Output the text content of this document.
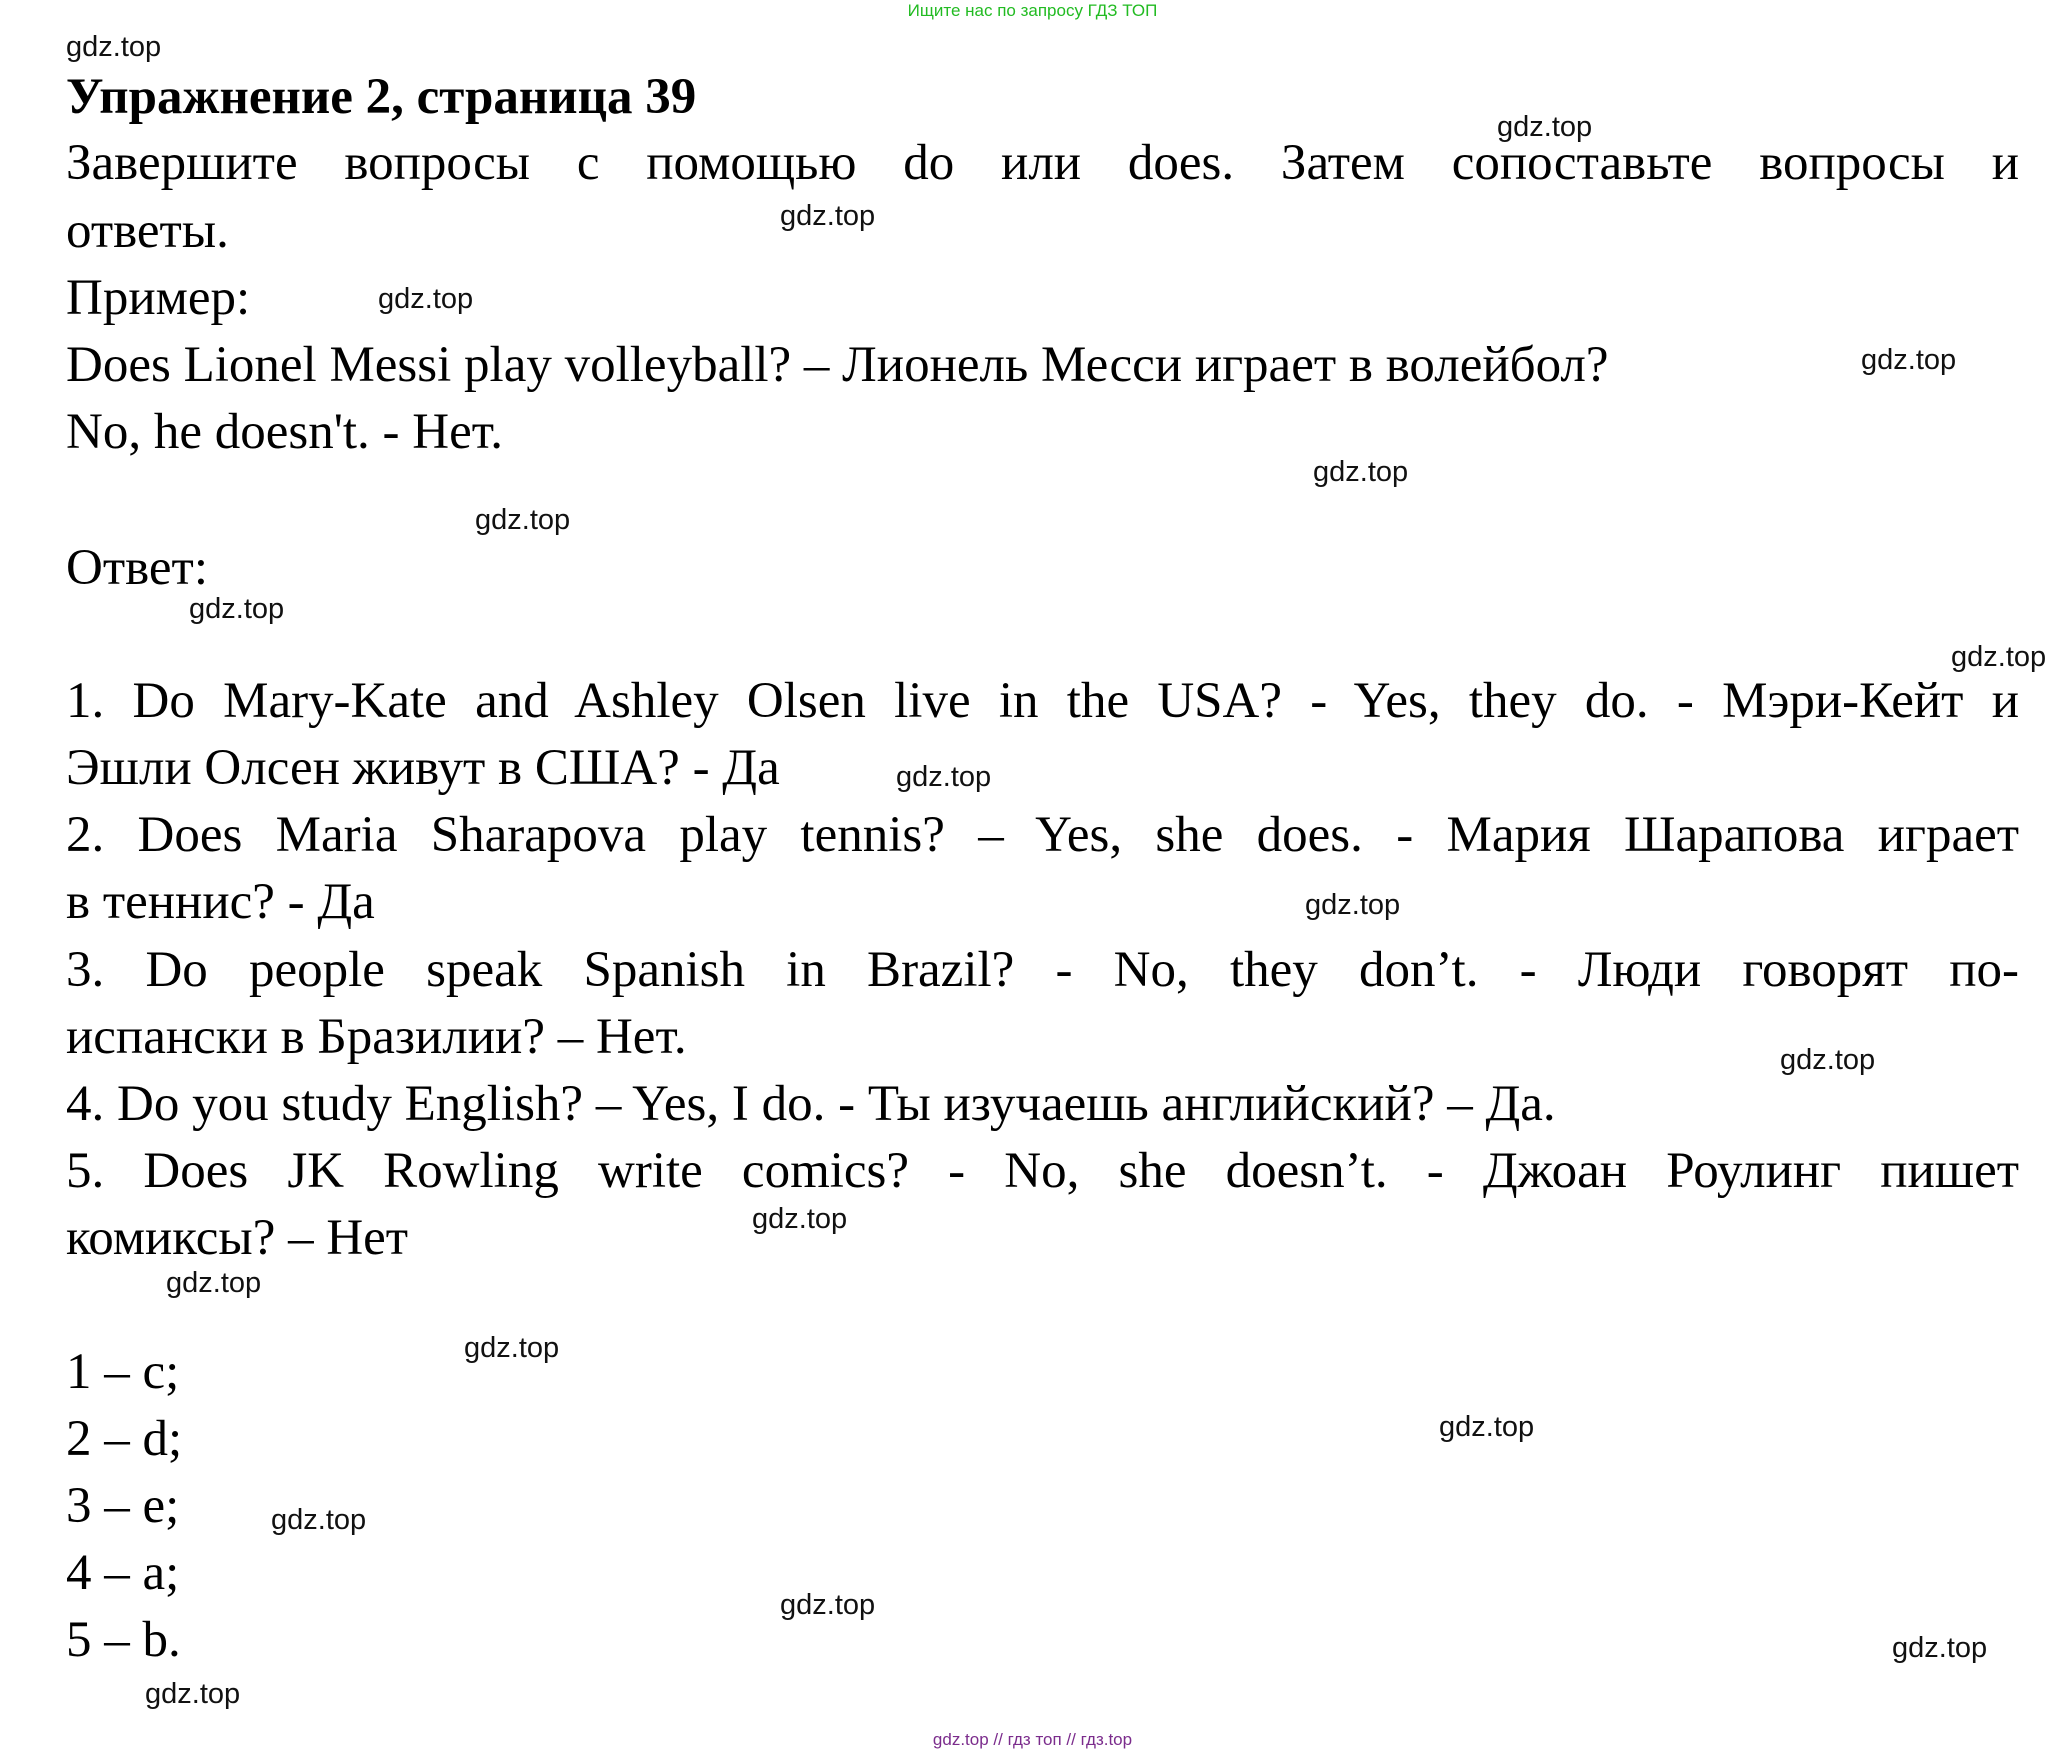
Ищите нас по запросу ГДЗ ТОП
Упражнение 2, страница 39
Завершите вопросы с помощью do или does. Затем сопоставьте вопросы и
ответы.
Пример:
Does Lionel Messi play volleyball? – Лионель Месси играет в волейбол?
No, he doesn't. - Нет.
Ответ:
1. Do Mary-Kate and Ashley Olsen live in the USA? - Yes, they do. - Мэри-Кейт и
Эшли Олсен живут в США? - Да
2. Does Maria Sharapova play tennis? – Yes, she does. - Мария Шарапова играет
в теннис? - Да
3. Do people speak Spanish in Brazil? - No, they don’t. - Люди говорят по-
испански в Бразилии? – Нет.
4. Do you study English? – Yes, I do. - Ты изучаешь английский? – Да.
5. Does JK Rowling write comics? - No, she doesn’t. - Джоан Роулинг пишет
комиксы? – Нет
1 – c;
2 – d;
3 – e;
4 – a;
5 – b.
gdz.top
gdz.top
gdz.top
gdz.top
gdz.top
gdz.top
gdz.top
gdz.top
gdz.top
gdz.top
gdz.top
gdz.top
gdz.top
gdz.top
gdz.top
gdz.top
gdz.top
gdz.top
gdz.top
gdz.top
gdz.top // гдз топ // гдз.top
